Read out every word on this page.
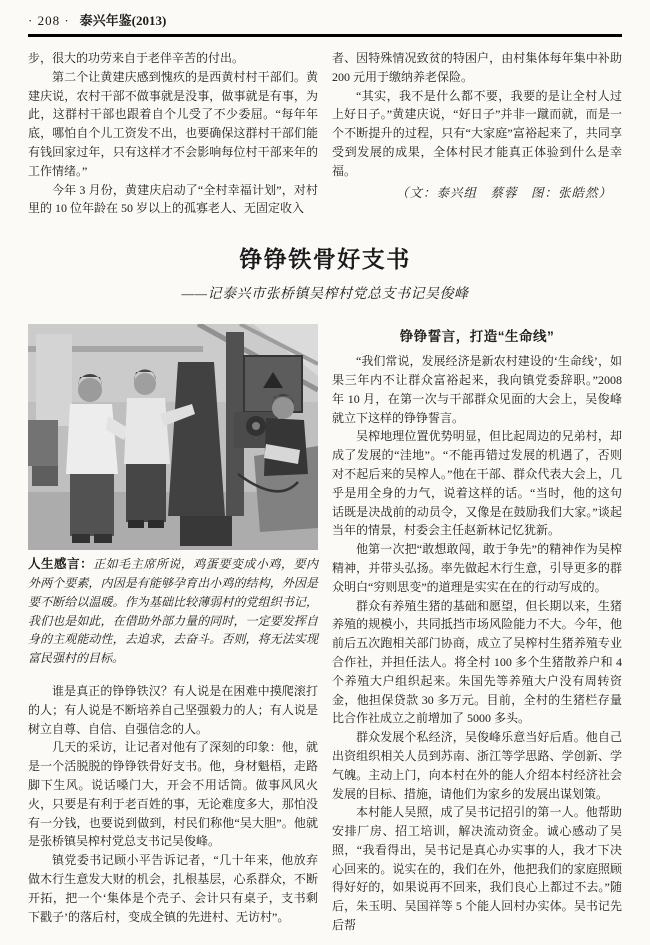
· 208 · 泰兴年鉴(2013)

步，很大的功劳来自于老伴辛苦的付出。

第二个让黄建庆感到愧疚的是西黄村村干部们。黄建庆说，农村干部不做事就是没事，做事就是有事，为此，这群村干部也跟着自个儿受了不少委屈。“每年年底，哪怕自个儿工资发不出，也要确保这群村干部们能有钱回家过年，只有这样才不会影响每位村干部来年的工作情绪。”

今年 3 月份，黄建庆启动了“全村幸福计划”，对村里的 10 位年龄在 50 岁以上的孤寡老人、无固定收入

者、因特殊情况致贫的特困户，由村集体每年集中补助 200 元用于缴纳养老保险。

“其实，我不是什么都不要，我要的是让全村人过上好日子。”黄建庆说，“好日子”并非一蹴而就，而是一个不断提升的过程，只有“大家庭”富裕起来了，共同享受到发展的成果，全体村民才能真正体验到什么是幸福。

（文：泰兴组　蔡蓉　图：张皓然）

铮铮铁骨好支书

——记泰兴市张桥镇吴榨村党总支书记吴俊峰

人生感言：正如毛主席所说，鸡蛋要变成小鸡，要内外两个要素，内因是有能够孕育出小鸡的结构，外因是要不断给以温暖。作为基础比较薄弱村的党组织书记，我们也是如此，在借助外部力量的同时，一定要发挥自身的主观能动性，去追求，去奋斗。否则，将无法实现富民强村的目标。

谁是真正的铮铮铁汉？有人说是在困难中摸爬滚打的人；有人说是不断培养自己坚强毅力的人；有人说是树立自尊、自信、自强信念的人。

几天的采访，让记者对他有了深刻的印象：他，就是一个活脱脱的铮铮铁骨好支书。他，身材魁梧，走路脚下生风。说话嗓门大，开会不用话筒。做事风风火火，只要是有利于老百姓的事，无论难度多大，那怕没有一分钱，也要说到做到，村民们称他“吴大胆”。他就是张桥镇吴榨村党总支书记吴俊峰。

镇党委书记顾小平告诉记者，“几十年来，他放弃做木行生意发大财的机会，扎根基层，心系群众，不断开拓，把一个‘集体是个壳子、会计只有桌子，支书剩下戳子’的落后村，变成全镇的先进村、无访村”。

铮铮誓言，打造“生命线”

“我们常说，发展经济是新农村建设的‘生命线’，如果三年内不让群众富裕起来，我向镇党委辞职。”2008 年 10 月，在第一次与干部群众见面的大会上，吴俊峰就立下这样的铮铮誓言。

吴榨地理位置优势明显，但比起周边的兄弟村，却成了发展的“洼地”。“不能再错过发展的机遇了，否则对不起后来的吴榨人。”他在干部、群众代表大会上，几乎是用全身的力气，说着这样的话。“当时，他的这句话既是决战前的动员令，又像是在鼓励我们大家。”谈起当年的情景，村委会主任赵新林记忆犹新。

他第一次把“敢想敢闯，敢于争先”的精神作为吴榨精神，并带头弘扬。率先做起木行生意，引导更多的群众明白“穷则思变”的道理是实实在在的行动写成的。

群众有养殖生猪的基础和愿望，但长期以来，生猪养殖的规模小，共同抵挡市场风险能力不大。今年，他前后五次跑相关部门协商，成立了吴榨村生猪养殖专业合作社，并担任法人。将全村 100 多个生猪散养户和 4 个养殖大户组织起来。朱国先等养殖大户没有周转资金，他担保贷款 30 多万元。目前，全村的生猪栏存量比合作社成立之前增加了 5000 多头。

群众发展个私经济，吴俊峰乐意当好后盾。他自己出资组织相关人员到苏南、浙江等学思路、学创新、学气魄。主动上门，向本村在外的能人介绍本村经济社会发展的目标、措施，请他们为家乡的发展出谋划策。

本村能人吴照，成了吴书记招引的第一人。他帮助安排厂房、招工培训，解决流动资金。诚心感动了吴照，“我看得出，吴书记是真心办实事的人，我才下决心回来的。说实在的，我们在外，他把我们的家庭照顾得好好的，如果说再不回来，我们良心上都过不去。”随后，朱玉明、吴国祥等 5 个能人回村办实体。吴书记先后帮
